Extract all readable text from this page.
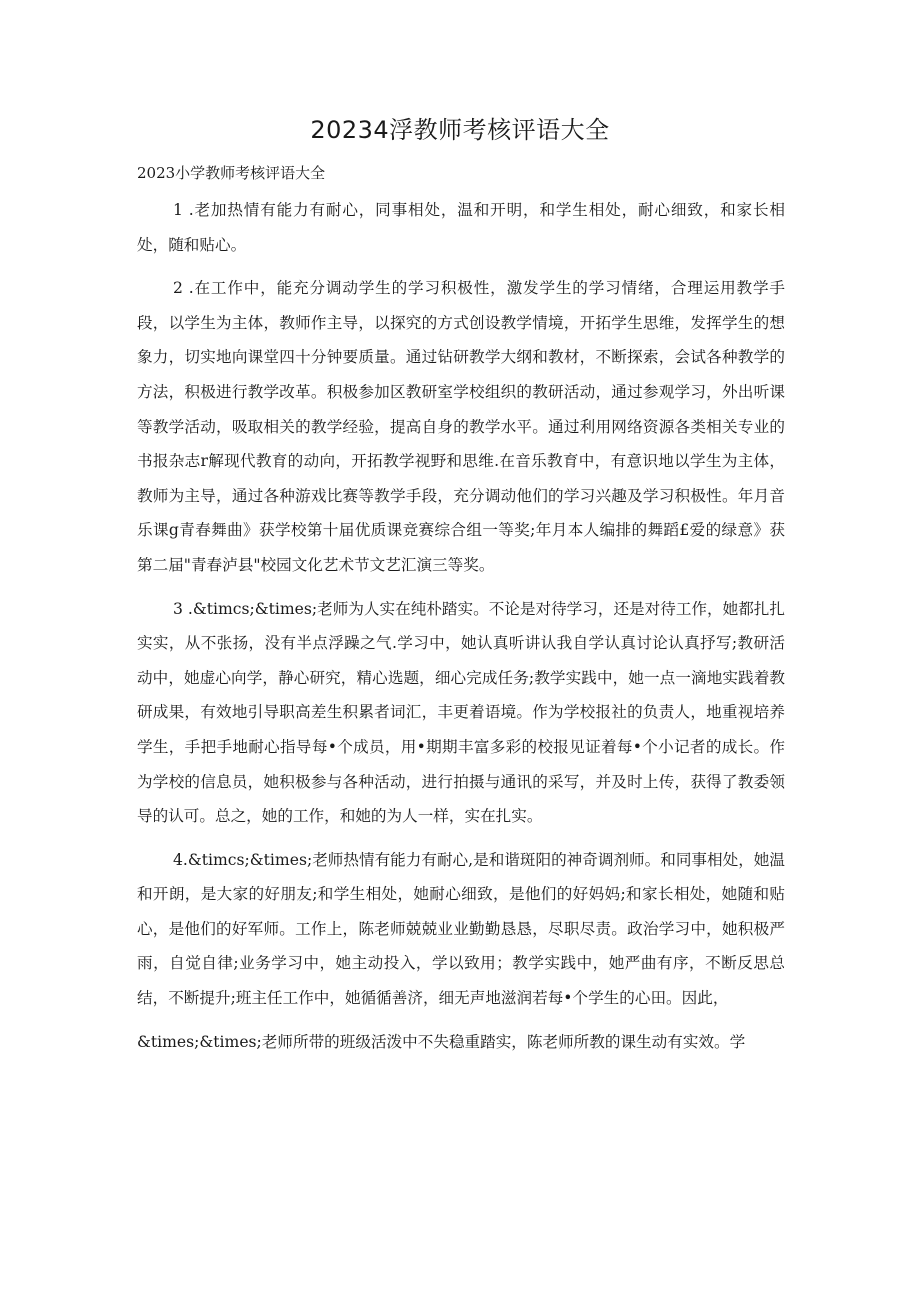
20234浮教师考核评语大全
2023小学教师考核评语大全

1 .老加热情有能力有耐心，同事相处，温和开明，和学生相处，耐心细致，和家长相处，随和贴心。

2 .在工作中，能充分调动学生的学习积极性，激发学生的学习情绪，合理运用教学手段，以学生为主体，教师作主导，以探究的方式创设教学情境，开拓学生思维，发挥学生的想象力，切实地向课堂四十分钟要质量。通过钻研教学大纲和教材，不断探索，会试各种教学的方法，积极进行教学改革。积极参加区教研室学校组织的教研活动，通过参观学习，外出听课等教学活动，吸取相关的教学经验，提高自身的教学水平。通过利用网络资源各类相关专业的书报杂志r解现代教育的动向，开拓教学视野和思维.在音乐教育中，有意识地以学生为主体，教师为主导，通过各种游戏比赛等教学手段，充分调动他们的学习兴趣及学习积极性。年月音乐课g青春舞曲》获学校第十届优质课竞赛综合组一等奖;年月本人编排的舞蹈£爱的绿意》获第二届"青春泸县"校园文化艺术节文艺汇演三等奖。

3 .&timcs;&times;老师为人实在纯朴踏实。不论是对待学习，还是对待工作，她都扎扎实实，从不张扬，没有半点浮躁之气.学习中，她认真听讲认我自学认真讨论认真抒写;教研活动中，她虚心向学，静心研究，精心选题，细心完成任务;教学实践中，她一点一滴地实践着教研成果，有效地引导职高差生积累者词汇，丰更着语境。作为学校报社的负责人，地重视培养学生，手把手地耐心指导每•个成员，用•期期丰富多彩的校报见证着每•个小记者的成长。作为学校的信息员，她积极参与各种活动，进行拍摄与通讯的采写，并及时上传，获得了教委领导的认可。总之，她的工作，和她的为人一样，实在扎实。

4.&timcs;&times;老师热情有能力有耐心,是和谐斑阳的神奇调剂师。和同事相处，她温和开朗，是大家的好朋友;和学生相处，她耐心细致，是他们的好妈妈;和家长相处，她随和贴心，是他们的好军师。工作上，陈老师兢兢业业勤勤恳恳，尽职尽责。政治学习中，她积极严雨，自觉自律;业务学习中，她主动投入，学以致用；教学实践中，她严曲有序，不断反思总结，不断提升;班主任工作中，她循循善济，细无声地滋润若每•个学生的心田。因此，

&times;&times;老师所带的班级活泼中不失稳重踏实，陈老师所教的课生动有实效。学
